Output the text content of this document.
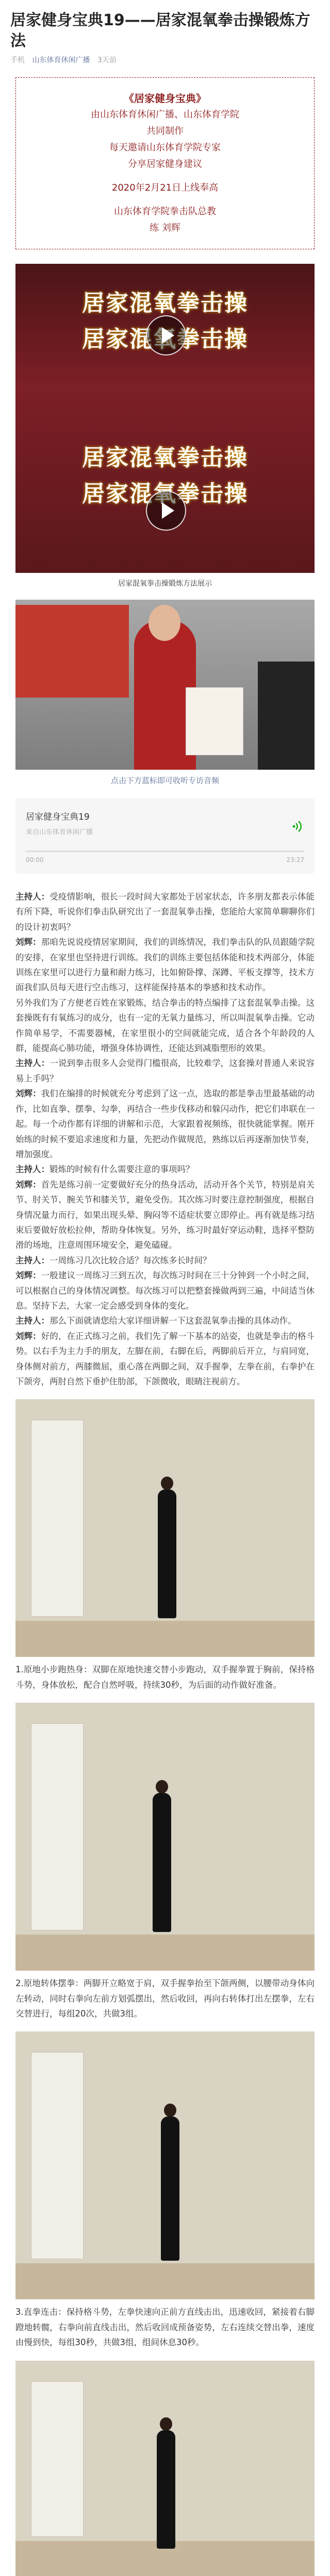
居家健身宝典19——居家混氧拳击操锻炼方法
手机 山东体育休闲广播 3天前
《居家健身宝典》
由山东体育休闲广播、山东体育学院
共同制作
每天邀请山东体育学院专家
分享居家健身建议
2020年2月21日上线奉高
山东体育学院拳击队总教
练 刘辉
居家混氧拳击操
居家混氧拳击操
居家混氧拳击操
居家混氧拳击操
居家混氧拳击操锻炼方法展示
点击下方蓝标即可收听专访音频
居家健身宝典19
来自山东体育休闲广播
00:00	23:27

主持人：受疫情影响，很长一段时间大家都处于居家状态，许多朋友都表示体能有所下降，听说你们拳击队研究出了一套混氧拳击操，您能给大家简单聊聊你们的设计初衷吗？

刘辉：那咱先说说疫情居家期间，我们的训练情况，我们拳击队的队员跟随学院的安排，在家里也坚持进行训练。我们的训练主要包括体能和技术两部分，体能训练在家里可以进行力量和耐力练习，比如俯卧撑、深蹲、平板支撑等，技术方面我们队员每天进行空击练习，这样能保持基本的拳感和技术动作。

另外我们为了方便老百姓在家锻炼，结合拳击的特点编排了这套混氧拳击操。这套操既有有氧练习的成分，也有一定的无氧力量练习，所以叫混氧拳击操。它动作简单易学，不需要器械，在家里很小的空间就能完成，适合各个年龄段的人群，能提高心肺功能，增强身体协调性，还能达到减脂塑形的效果。

主持人：一说到拳击很多人会觉得门槛很高，比较难学，这套操对普通人来说容易上手吗？

刘辉：我们在编排的时候就充分考虑到了这一点，选取的都是拳击里最基础的动作，比如直拳、摆拳、勾拳，再结合一些步伐移动和躲闪动作，把它们串联在一起。每一个动作都有详细的讲解和示范，大家跟着视频练，很快就能掌握。刚开始练的时候不要追求速度和力量，先把动作做规范，熟练以后再逐渐加快节奏，增加强度。

主持人：锻炼的时候有什么需要注意的事项吗？

刘辉：首先是练习前一定要做好充分的热身活动，活动开各个关节，特别是肩关节、肘关节、腕关节和膝关节，避免受伤。其次练习时要注意控制强度，根据自身情况量力而行，如果出现头晕、胸闷等不适症状要立即停止。再有就是练习结束后要做好放松拉伸，帮助身体恢复。另外，练习时最好穿运动鞋，选择平整防滑的场地，注意周围环境安全，避免磕碰。

主持人：一周练习几次比较合适？每次练多长时间？

刘辉：一般建议一周练习三到五次，每次练习时间在三十分钟到一个小时之间，可以根据自己的身体情况调整。每次练习可以把整套操做两到三遍，中间适当休息。坚持下去，大家一定会感受到身体的变化。

主持人：那么下面就请您给大家详细讲解一下这套混氧拳击操的具体动作。

刘辉：好的，在正式练习之前，我们先了解一下基本的站姿，也就是拳击的格斗势。以右手为主力手的朋友，左脚在前，右脚在后，两脚前后开立，与肩同宽，身体侧对前方，两膝微屈，重心落在两脚之间，双手握拳，左拳在前，右拳护在下颌旁，两肘自然下垂护住肋部，下颌微收，眼睛注视前方。

1.原地小步跑热身：双脚在原地快速交替小步跑动，双手握拳置于胸前，保持格斗势，身体放松，配合自然呼吸，持续30秒，为后面的动作做好准备。

2.原地转体摆拳：两脚开立略宽于肩，双手握拳抬至下颌两侧，以腰带动身体向左转动，同时右拳向左前方划弧摆出，然后收回，再向右转体打出左摆拳，左右交替进行，每组20次，共做3组。

3.直拳连击：保持格斗势，左拳快速向正前方直线击出，迅速收回，紧接着右脚蹬地转髋，右拳向前直线击出，然后收回成预备姿势，左右连续交替出拳，速度由慢到快，每组30秒，共做3组，组间休息30秒。
